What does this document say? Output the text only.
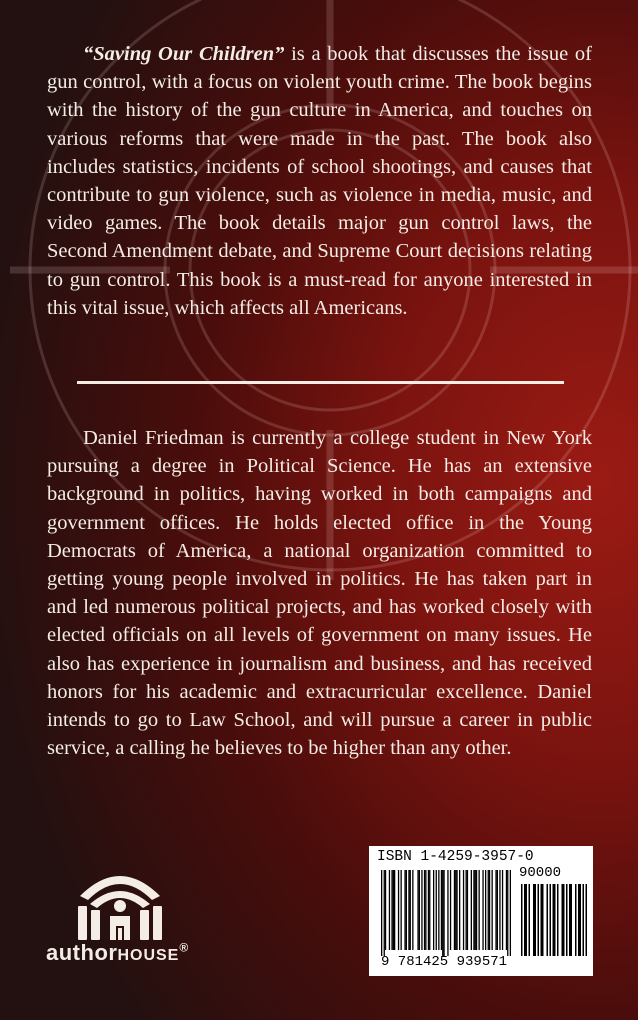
“Saving Our Children” is a book that discusses the issue of gun control, with a focus on violent youth crime. The book begins with the history of the gun culture in America, and touches on various reforms that were made in the past. The book also includes statistics, incidents of school shootings, and causes that contribute to gun violence, such as violence in media, music, and video games. The book details major gun control laws, the Second Amendment debate, and Supreme Court decisions relating to gun control. This book is a must-read for anyone interested in this vital issue, which affects all Americans.

Daniel Friedman is currently a college student in New York pursuing a degree in Political Science. He has an extensive background in politics, having worked in both campaigns and government offices. He holds elected office in the Young Democrats of America, a national organization committed to getting young people involved in politics. He has taken part in and led numerous political projects, and has worked closely with elected officials on all levels of government on many issues. He also has experience in journalism and business, and has received honors for his academic and extracurricular excellence. Daniel intends to go to Law School, and will pursue a career in public service, a calling he believes to be higher than any other.

authorHOUSE®
ISBN 1-4259-3957-0
90000
9 781425 939571
